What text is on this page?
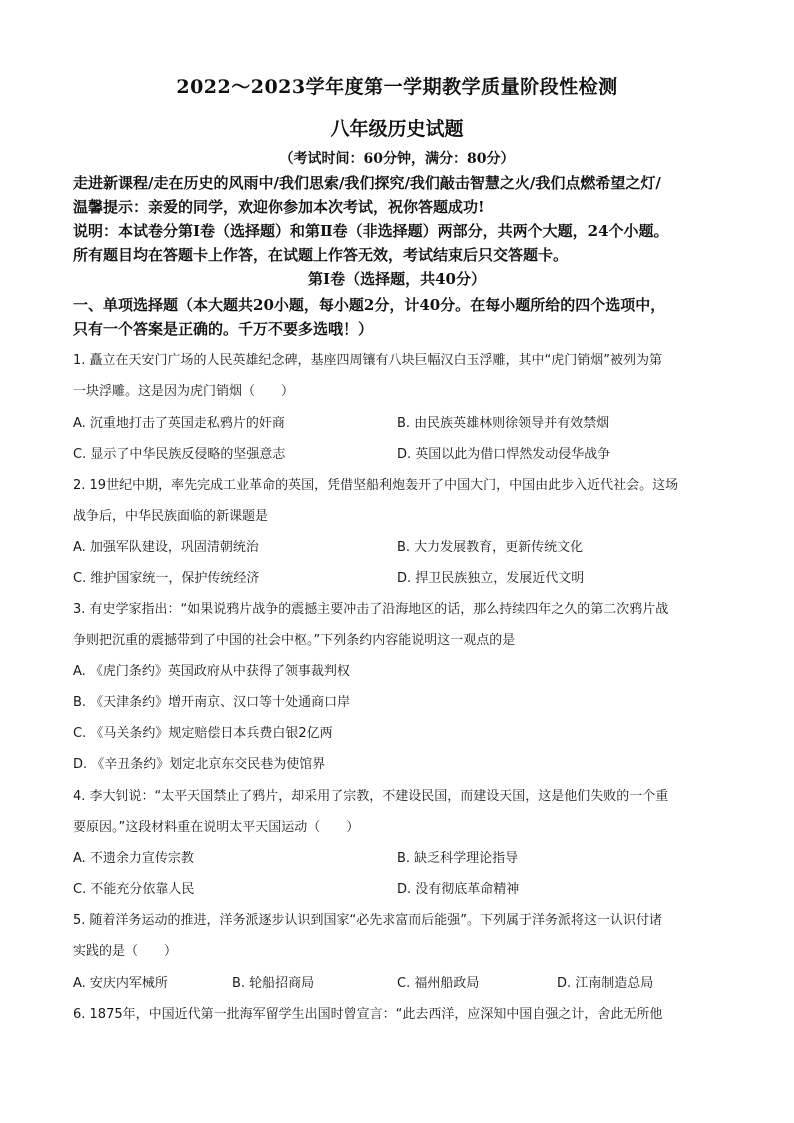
2022～2023学年度第一学期教学质量阶段性检测
八年级历史试题
（考试时间：60分钟，满分：80分）
走进新课程/走在历史的风雨中/我们思索/我们探究/我们敲击智慧之火/我们点燃希望之灯/
温馨提示：亲爱的同学，欢迎你参加本次考试，祝你答题成功!
说明：本试卷分第Ⅰ卷（选择题）和第Ⅱ卷（非选择题）两部分，共两个大题，24个小题。
所有题目均在答题卡上作答，在试题上作答无效，考试结束后只交答题卡。
第Ⅰ卷（选择题，共40分）
一、单项选择题（本大题共20小题，每小题2分，计40分。在每小题所给的四个选项中，
只有一个答案是正确的。千万不要多选哦！）
1. 矗立在天安门广场的人民英雄纪念碑，基座四周镶有八块巨幅汉白玉浮雕，其中“虎门销烟”被列为第
一块浮雕。这是因为虎门销烟（　　）
A. 沉重地打击了英国走私鸦片的奸商	B. 由民族英雄林则徐领导并有效禁烟
C. 显示了中华民族反侵略的坚强意志	D. 英国以此为借口悍然发动侵华战争
2. 19世纪中期，率先完成工业革命的英国，凭借坚船利炮轰开了中国大门，中国由此步入近代社会。这场
战争后，中华民族面临的新课题是
A. 加强军队建设，巩固清朝统治	B. 大力发展教育，更新传统文化
C. 维护国家统一，保护传统经济	D. 捍卫民族独立，发展近代文明
3. 有史学家指出：“如果说鸦片战争的震撼主要冲击了沿海地区的话，那么持续四年之久的第二次鸦片战
争则把沉重的震撼带到了中国的社会中枢。”下列条约内容能说明这一观点的是
A. 《虎门条约》英国政府从中获得了领事裁判权
B. 《天津条约》增开南京、汉口等十处通商口岸
C. 《马关条约》规定赔偿日本兵费白银2亿两
D. 《辛丑条约》划定北京东交民巷为使馆界
4. 李大钊说：“太平天国禁止了鸦片，却采用了宗教，不建设民国，而建设天国，这是他们失败的一个重
要原因。”这段材料重在说明太平天国运动（　　）
A. 不遗余力宣传宗教	B. 缺乏科学理论指导
C. 不能充分依靠人民	D. 没有彻底革命精神
5. 随着洋务运动的推进，洋务派逐步认识到国家“必先求富而后能强”。下列属于洋务派将这一认识付诸
实践的是（　　）
A. 安庆内军械所	B. 轮船招商局	C. 福州船政局	D. 江南制造总局
6. 1875年，中国近代第一批海军留学生出国时曾宣言：“此去西洋，应深知中国自强之计，舍此无所他
